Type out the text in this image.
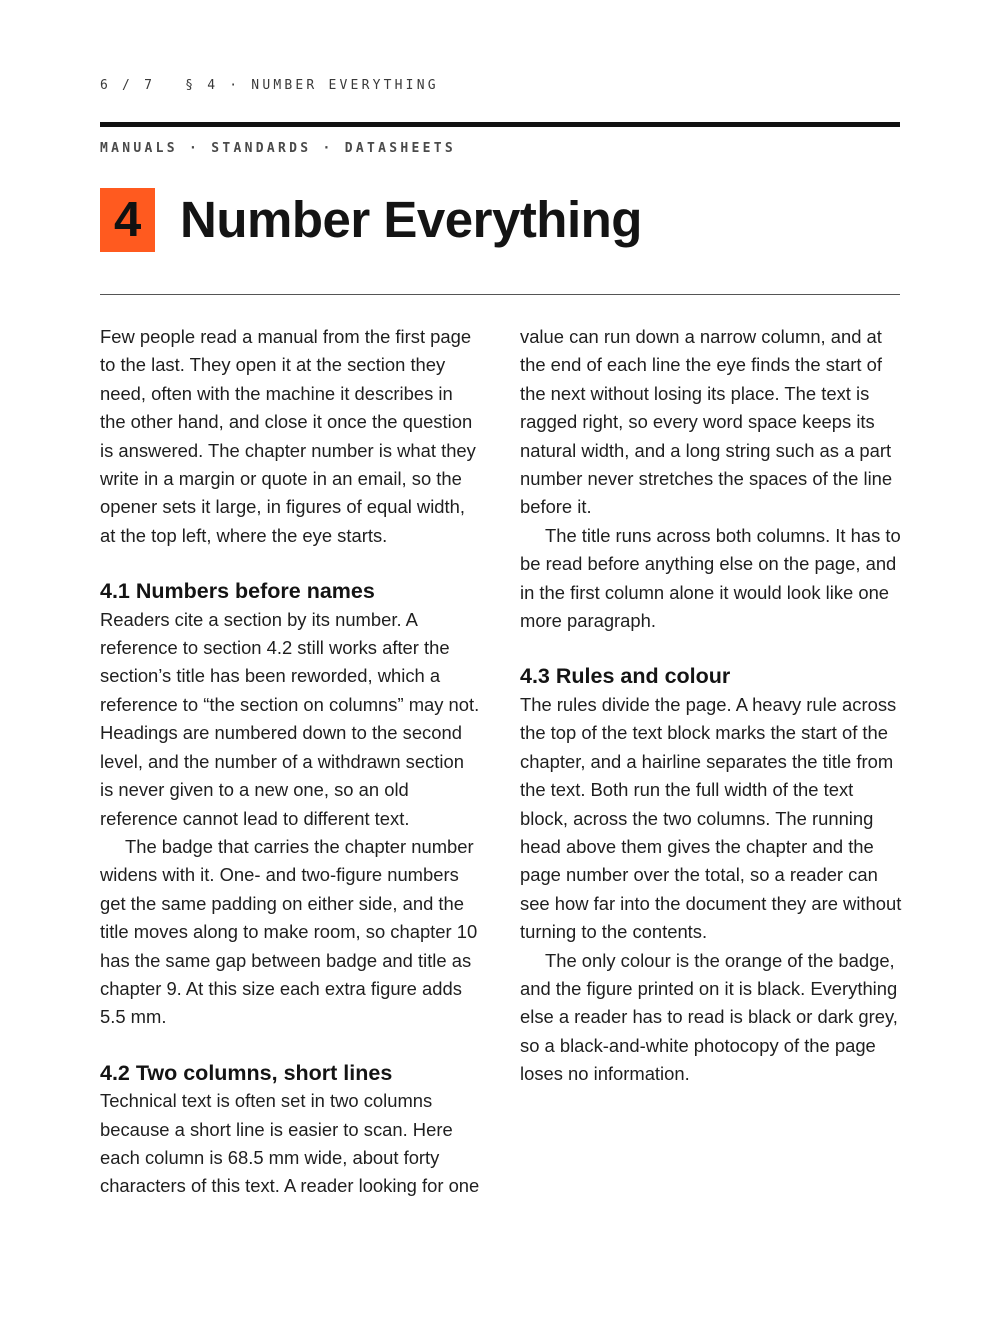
6 / 7 § 4 · NUMBER EVERYTHING
MANUALS · STANDARDS · DATASHEETS
4 Number Everything

Few people read a manual from the first page to the last. They open it at the section they need, often with the machine it describes in the other hand, and close it once the question is answered. The chapter number is what they write in a margin or quote in an email, so the opener sets it large, in figures of equal width, at the top left, where the eye starts.

4.1 Numbers before names

Readers cite a section by its number. A reference to section 4.2 still works after the section’s title has been reworded, which a reference to “the section on columns” may not. Headings are numbered down to the second level, and the number of a withdrawn section is never given to a new one, so an old reference cannot lead to different text.

The badge that carries the chapter number widens with it. One- and two-figure numbers get the same padding on either side, and the title moves along to make room, so chapter 10 has the same gap between badge and title as chapter 9. At this size each extra figure adds 5.5 mm.

4.2 Two columns, short lines

Technical text is often set in two columns because a short line is easier to scan. Here each column is 68.5 mm wide, about forty characters of this text. A reader looking for one

value can run down a narrow column, and at the end of each line the eye finds the start of the next without losing its place. The text is ragged right, so every word space keeps its natural width, and a long string such as a part number never stretches the spaces of the line before it.

The title runs across both columns. It has to be read before anything else on the page, and in the first column alone it would look like one more paragraph.

4.3 Rules and colour

The rules divide the page. A heavy rule across the top of the text block marks the start of the chapter, and a hairline separates the title from the text. Both run the full width of the text block, across the two columns. The running head above them gives the chapter and the page number over the total, so a reader can see how far into the document they are without turning to the contents.

The only colour is the orange of the badge, and the figure printed on it is black. Everything else a reader has to read is black or dark grey, so a black-and-white photocopy of the page loses no information.
